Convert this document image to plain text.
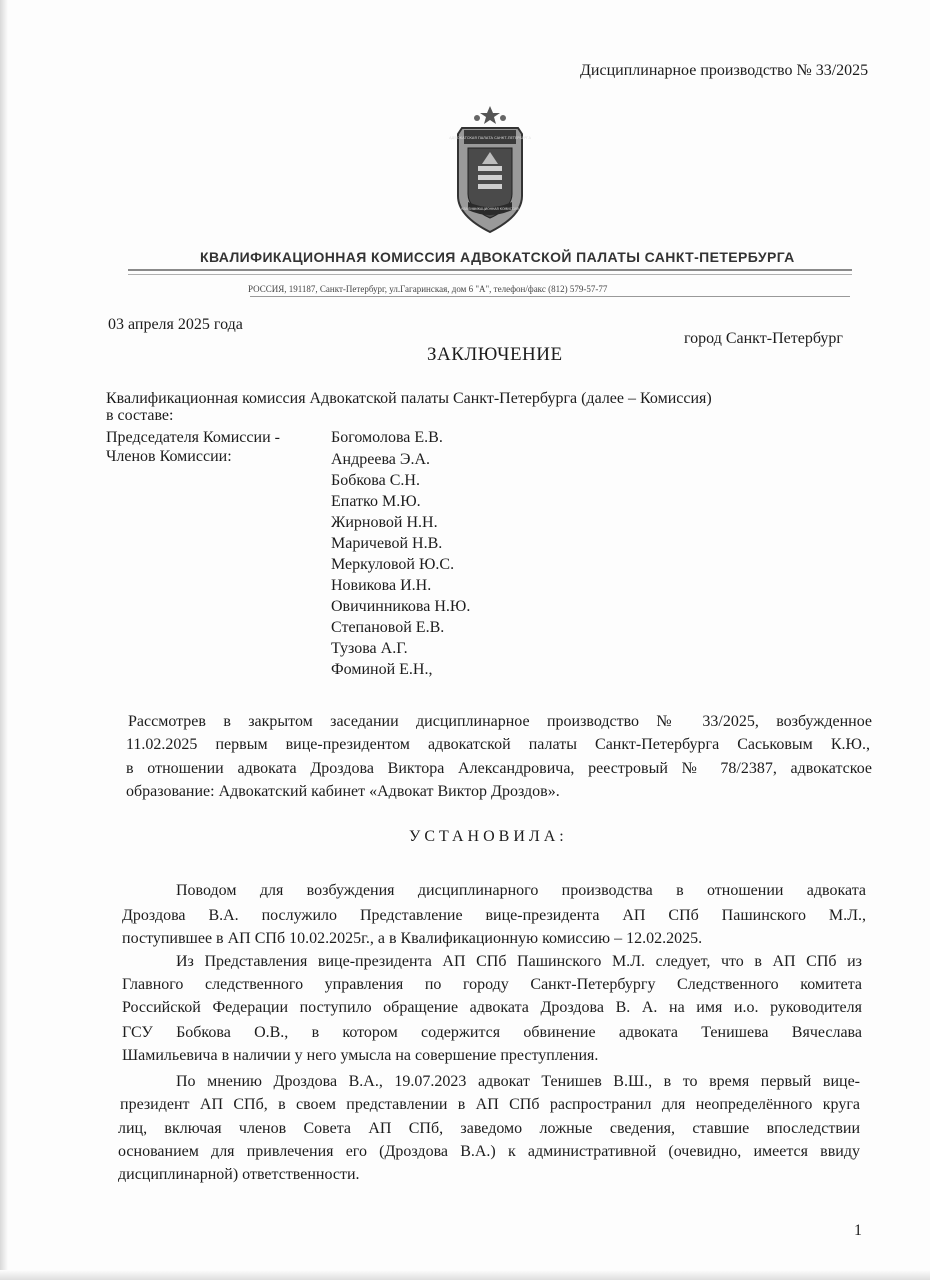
Дисциплинарное производство № 33/2025
АДВОКАТСКАЯ ПАЛАТА САНКТ-ПЕТЕРБУРГА
КВАЛИФИКАЦИОННАЯ КОМИССИЯ
КВАЛИФИКАЦИОННАЯ КОМИССИЯ АДВОКАТСКОЙ ПАЛАТЫ САНКТ-ПЕТЕРБУРГА
РОССИЯ, 191187, Санкт-Петербург, ул.Гагаринская, дом 6 "А", телефон/факс (812) 579-57-77
03 апреля 2025 года
город Санкт-Петербург
ЗАКЛЮЧЕНИЕ
Квалификационная комиссия Адвокатской палаты Санкт-Петербурга (далее – Комиссия)
в составе:
Председателя Комиссии -
Членов Комиссии:
Богомолова Е.В.
Андреева Э.А.
Бобкова С.Н.
Епатко М.Ю.
Жирновой Н.Н.
Маричевой Н.В.
Меркуловой Ю.С.
Новикова И.Н.
Овичинникова Н.Ю.
Степановой Е.В.
Тузова А.Г.
Фоминой Е.Н.,
Рассмотрев в закрытом заседании дисциплинарное производство № 33/2025, возбужденное
11.02.2025 первым вице-президентом адвокатской палаты Санкт-Петербурга Саськовым К.Ю.,
в отношении адвоката Дроздова Виктора Александровича, реестровый № 78/2387, адвокатское
образование: Адвокатский кабинет «Адвокат Виктор Дроздов».
УСТАНОВИЛА:
Поводом для возбуждения дисциплинарного производства в отношении адвоката
Дроздова В.А. послужило Представление вице-президента АП СПб Пашинского М.Л.,
поступившее в АП СПб 10.02.2025г., а в Квалификационную комиссию – 12.02.2025.
Из Представления вице-президента АП СПб Пашинского М.Л. следует, что в АП СПб из
Главного следственного управления по городу Санкт-Петербургу Следственного комитета
Российской Федерации поступило обращение адвоката Дроздова В. А. на имя и.о. руководителя
ГСУ Бобкова О.В., в котором содержится обвинение адвоката Тенишева Вячеслава
Шамильевича в наличии у него умысла на совершение преступления.
По мнению Дроздова В.А., 19.07.2023 адвокат Тенишев В.Ш., в то время первый вице-
президент АП СПб, в своем представлении в АП СПб распространил для неопределённого круга
лиц, включая членов Совета АП СПб, заведомо ложные сведения, ставшие впоследствии
основанием для привлечения его (Дроздова В.А.) к административной (очевидно, имеется ввиду
дисциплинарной) ответственности.
1
